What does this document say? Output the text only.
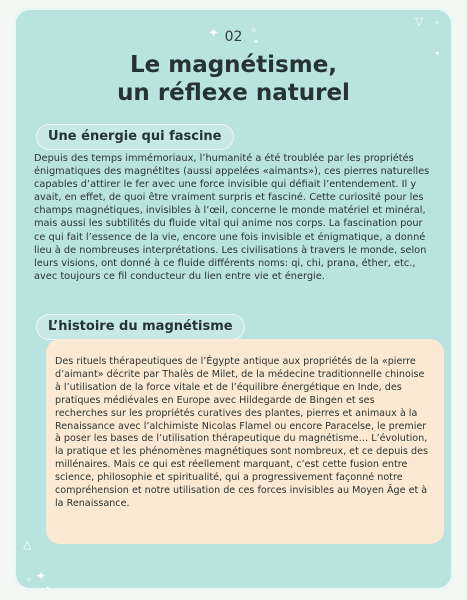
✦	✧
✦
▽
✦
✧
△
✦
✧
✦
02
Le magnétisme,
un réflexe naturel
Une énergie qui fascine

Depuis des temps immémoriaux, l’humanité a été troublée par les propriétés énigmatiques des magnétites (aussi appelées «aimants»), ces pierres naturelles capables d’attirer le fer avec une force invisible qui défiait l’entendement. Il y avait, en effet, de quoi être vraiment surpris et fasciné. Cette curiosité pour les champs magnétiques, invisibles à l’œil, concerne le monde matériel et minéral, mais aussi les subtilités du fluide vital qui anime nos corps. La fascination pour ce qui fait l’essence de la vie, encore une fois invisible et énigmatique, a donné lieu à de nombreuses interprétations. Les civilisations à travers le monde, selon leurs visions, ont donné à ce fluide différents noms: qi, chi, prana, éther, etc., avec toujours ce fil conducteur du lien entre vie et énergie.

L’histoire du magnétisme

Des rituels thérapeutiques de l’Égypte antique aux propriétés de la «pierre d’aimant» décrite par Thalès de Milet, de la médecine traditionnelle chinoise à l’utilisation de la force vitale et de l’équilibre énergétique en Inde, des pratiques médiévales en Europe avec Hildegarde de Bingen et ses recherches sur les propriétés curatives des plantes, pierres et animaux à la Renaissance avec l’alchimiste Nicolas Flamel ou encore Paracelse, le premier à poser les bases de l’utilisation thérapeutique du magnétisme… L’évolution, la pratique et les phénomènes magnétiques sont nombreux, et ce depuis des millénaires. Mais ce qui est réellement marquant, c’est cette fusion entre science, philosophie et spiritualité, qui a progressivement façonné notre compréhension et notre utilisation de ces forces invisibles au Moyen Âge et à la Renaissance.
